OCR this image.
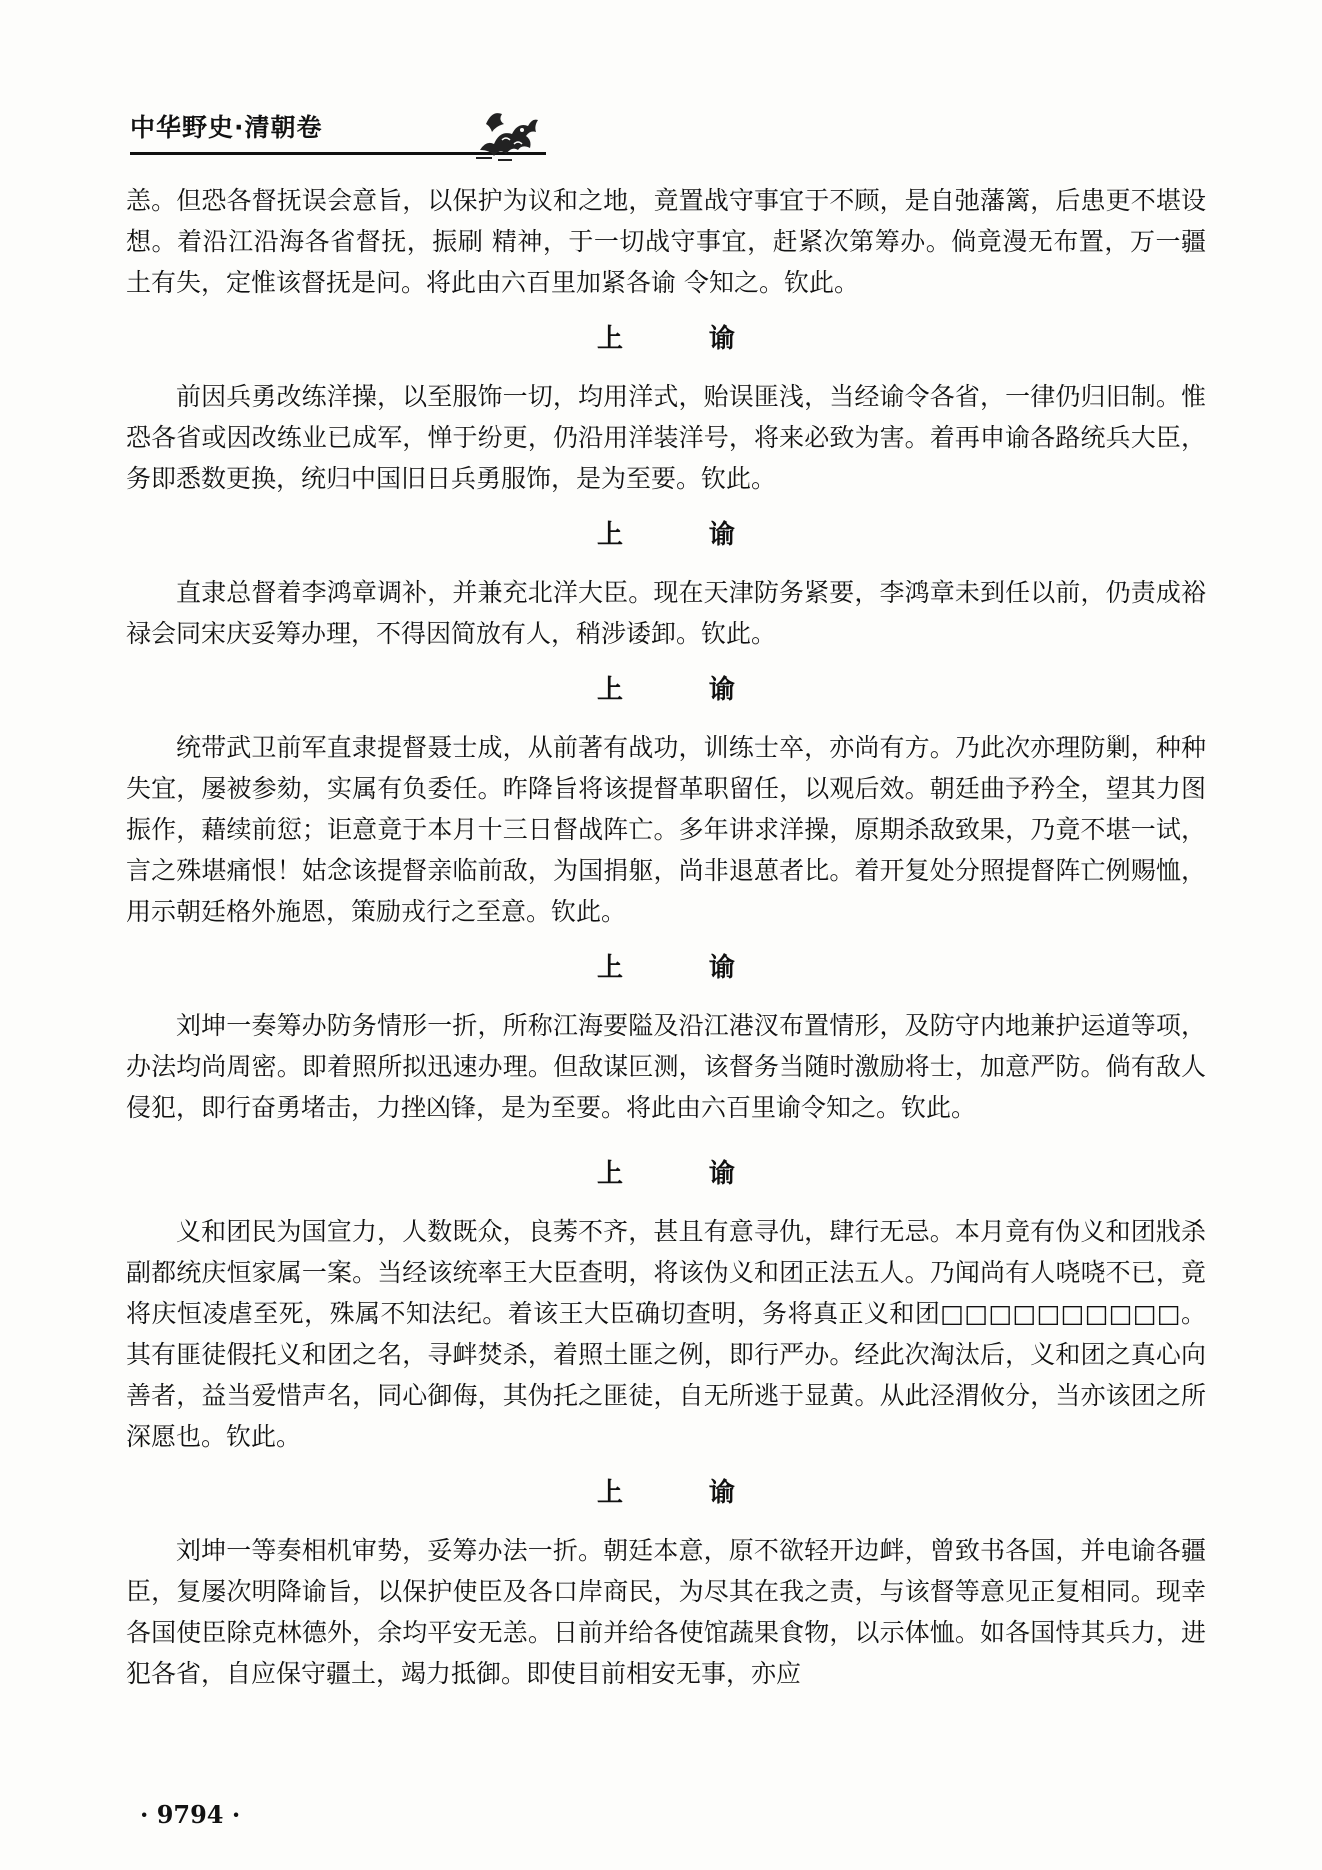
中华野史·清朝卷

恙。但恐各督抚误会意旨，以保护为议和之地，竟置战守事宜于不顾，是自弛藩篱，后患更不堪设想。着沿江沿海各省督抚，振刷 精神，于一切战守事宜，赶紧次第筹办。倘竟漫无布置，万一疆土有失，定惟该督抚是问。将此由六百里加紧各谕 令知之。钦此。

上　谕

前因兵勇改练洋操，以至服饰一切，均用洋式，贻误匪浅，当经谕令各省，一律仍归旧制。惟恐各省或因改练业已成军，惮于纷更，仍沿用洋装洋号，将来必致为害。着再申谕各路统兵大臣，务即悉数更换，统归中国旧日兵勇服饰，是为至要。钦此。

上　谕

直隶总督着李鸿章调补，并兼充北洋大臣。现在天津防务紧要，李鸿章未到任以前，仍责成裕禄会同宋庆妥筹办理，不得因简放有人，稍涉诿卸。钦此。

上　谕

统带武卫前军直隶提督聂士成，从前著有战功，训练士卒，亦尚有方。乃此次亦理防剿，种种失宜，屡被参劾，实属有负委任。昨降旨将该提督革职留任，以观后效。朝廷曲予矜全，望其力图振作，藉续前愆；讵意竟于本月十三日督战阵亡。多年讲求洋操，原期杀敌致果，乃竟不堪一试，言之殊堪痛恨！姑念该提督亲临前敌，为国捐躯，尚非退葸者比。着开复处分照提督阵亡例赐恤，用示朝廷格外施恩，策励戎行之至意。钦此。

上　谕

刘坤一奏筹办防务情形一折，所称江海要隘及沿江港汊布置情形，及防守内地兼护运道等项，办法均尚周密。即着照所拟迅速办理。但敌谋叵测，该督务当随时激励将士，加意严防。倘有敌人侵犯，即行奋勇堵击，力挫凶锋，是为至要。将此由六百里谕令知之。钦此。

上　谕

义和团民为国宣力，人数既众，良莠不齐，甚且有意寻仇，肆行无忌。本月竟有伪义和团戕杀副都统庆恒家属一案。当经该统率王大臣查明，将该伪义和团正法五人。乃闻尚有人哓哓不已，竟将庆恒凌虐至死，殊属不知法纪。着该王大臣确切查明，务将真正义和团□□□□□□□□□□。其有匪徒假托义和团之名，寻衅焚杀，着照土匪之例，即行严办。经此次淘汰后，义和团之真心向善者，益当爱惜声名，同心御侮，其伪托之匪徒，自无所逃于显黄。从此泾渭攸分，当亦该团之所深愿也。钦此。

上　谕

刘坤一等奏相机审势，妥筹办法一折。朝廷本意，原不欲轻开边衅，曾致书各国，并电谕各疆臣，复屡次明降谕旨，以保护使臣及各口岸商民，为尽其在我之责，与该督等意见正复相同。现幸各国使臣除克林德外，余均平安无恙。日前并给各使馆蔬果食物，以示体恤。如各国恃其兵力，进犯各省，自应保守疆土，竭力抵御。即使目前相安无事，亦应

· 9794 ·
